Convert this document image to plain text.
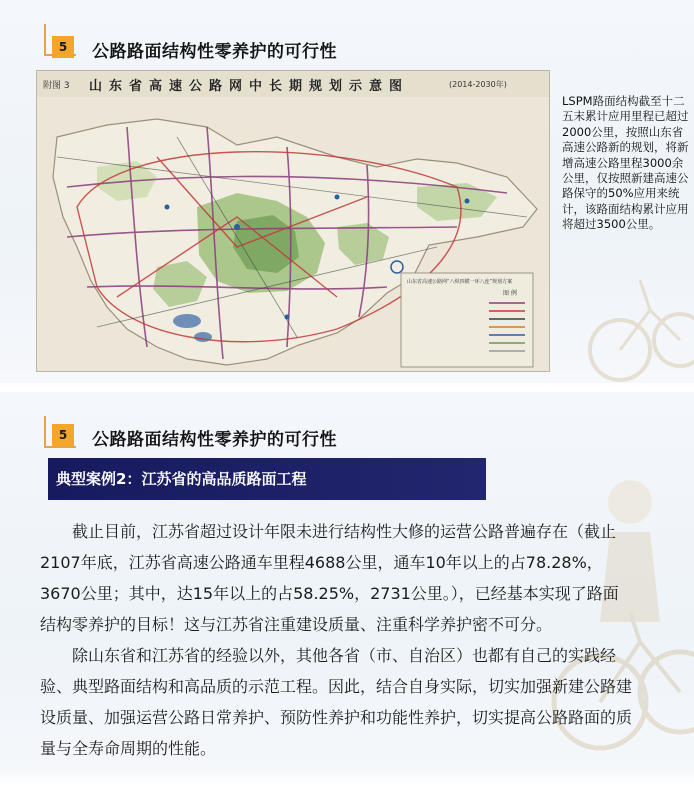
5	公路路面结构性零养护的可行性
附图 3 山东省高速公路网中长期规划示意图	(2014-2030年)
山东省高速公路网“八纵四横一环八连”规划方案
图 例
LSPM路面结构截至十二五末累计应用里程已超过2000公里，按照山东省高速公路新的规划，将新增高速公路里程3000余公里，仅按照新建高速公路保守的50%应用来统计，该路面结构累计应用将超过3500公里。
5	公路路面结构性零养护的可行性
典型案例2：江苏省的高品质路面工程

截止目前，江苏省超过设计年限未进行结构性大修的运营公路普遍存在（截止2107年底，江苏省高速公路通车里程4688公里，通车10年以上的占78.28%，3670公里；其中，达15年以上的占58.25%，2731公里。），已经基本实现了路面结构零养护的目标！这与江苏省注重建设质量、注重科学养护密不可分。

除山东省和江苏省的经验以外，其他各省（市、自治区）也都有自己的实践经验、典型路面结构和高品质的示范工程。因此，结合自身实际，切实加强新建公路建设质量、加强运营公路日常养护、预防性养护和功能性养护，切实提高公路路面的质量与全寿命周期的性能。
